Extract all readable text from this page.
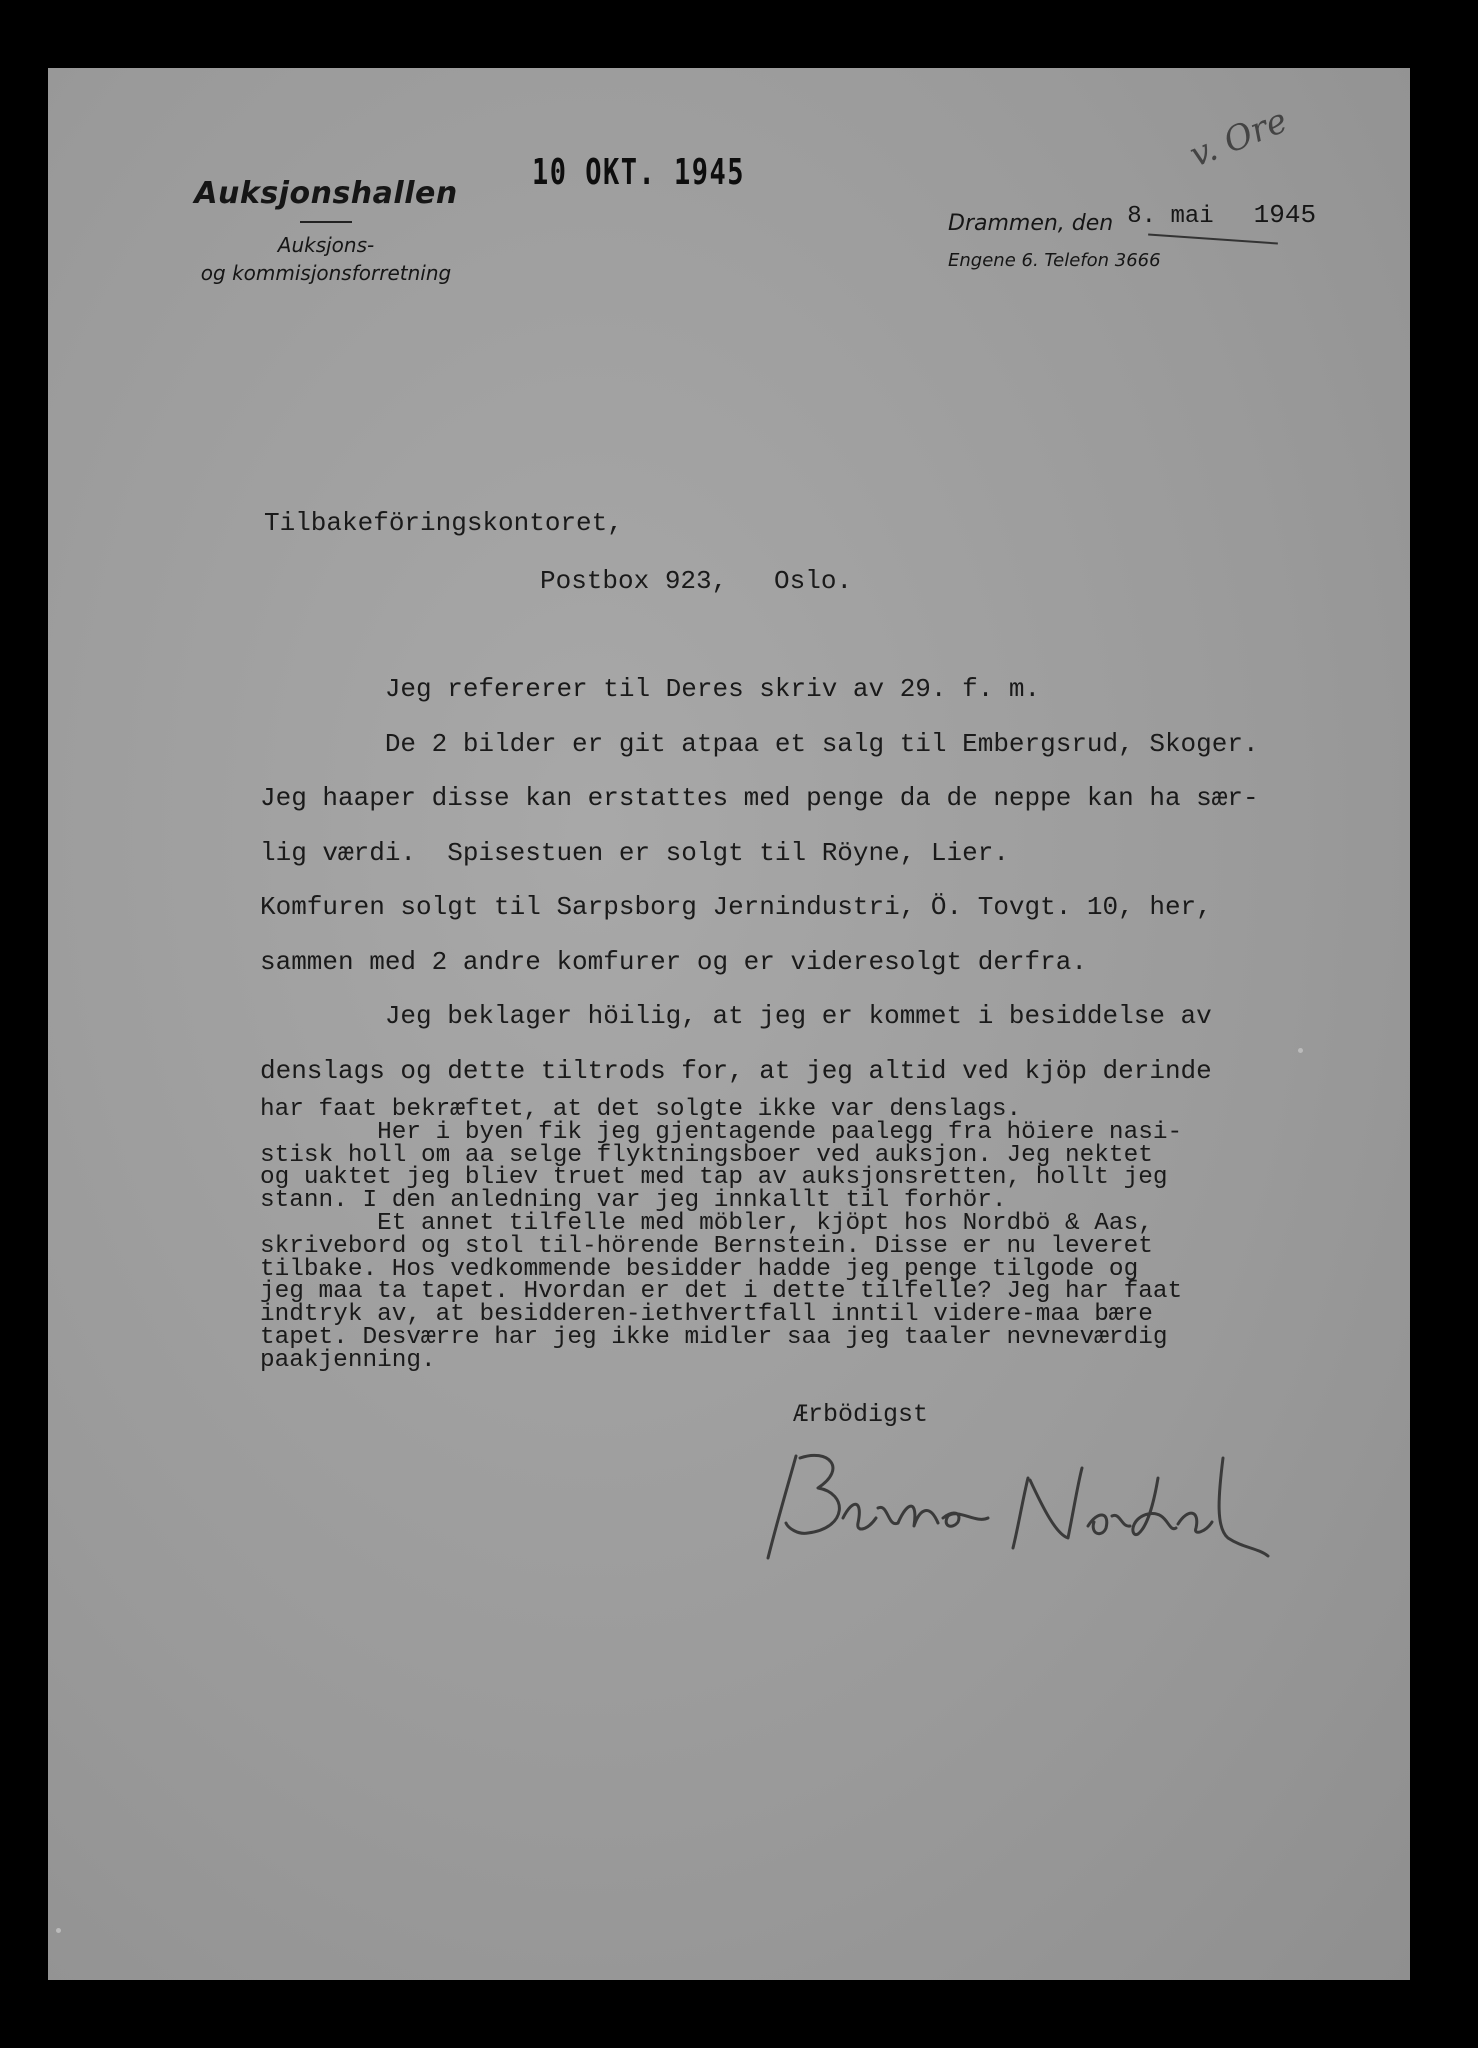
Auksjonshallen
Auksjons-
og kommisjonsforretning
10 OKT. 1945	v. Ore
Drammen, den 8. mai 1945
Engene 6. Telefon 3666
Tilbakeföringskontoret,
Postbox 923,   Oslo.
Jeg refererer til Deres skriv av 29. f. m.
De 2 bilder er git atpaa et salg til Embergsrud, Skoger.
Jeg haaper disse kan erstattes med penge da de neppe kan ha sær-
lig værdi.  Spisestuen er solgt til Röyne, Lier.
Komfuren solgt til Sarpsborg Jernindustri, Ö. Tovgt. 10, her,
sammen med 2 andre komfurer og er videresolgt derfra.
Jeg beklager höilig, at jeg er kommet i besiddelse av
denslags og dette tiltrods for, at jeg altid ved kjöp derinde
har faat bekræftet, at det solgte ikke var denslags.
Her i byen fik jeg gjentagende paalegg fra höiere nasi-
stisk holl om aa selge flyktningsboer ved auksjon. Jeg nektet
og uaktet jeg bliev truet med tap av auksjonsretten, hollt jeg
stann. I den anledning var jeg innkallt til forhör.
Et annet tilfelle med möbler, kjöpt hos Nordbö & Aas,
skrivebord og stol til-hörende Bernstein. Disse er nu leveret
tilbake. Hos vedkommende besidder hadde jeg penge tilgode og
jeg maa ta tapet. Hvordan er det i dette tilfelle? Jeg har faat
indtryk av, at besidderen-iethvertfall inntil videre-maa bære
tapet. Desværre har jeg ikke midler saa jeg taaler nevneværdig
paakjenning.
Ærbödigst
